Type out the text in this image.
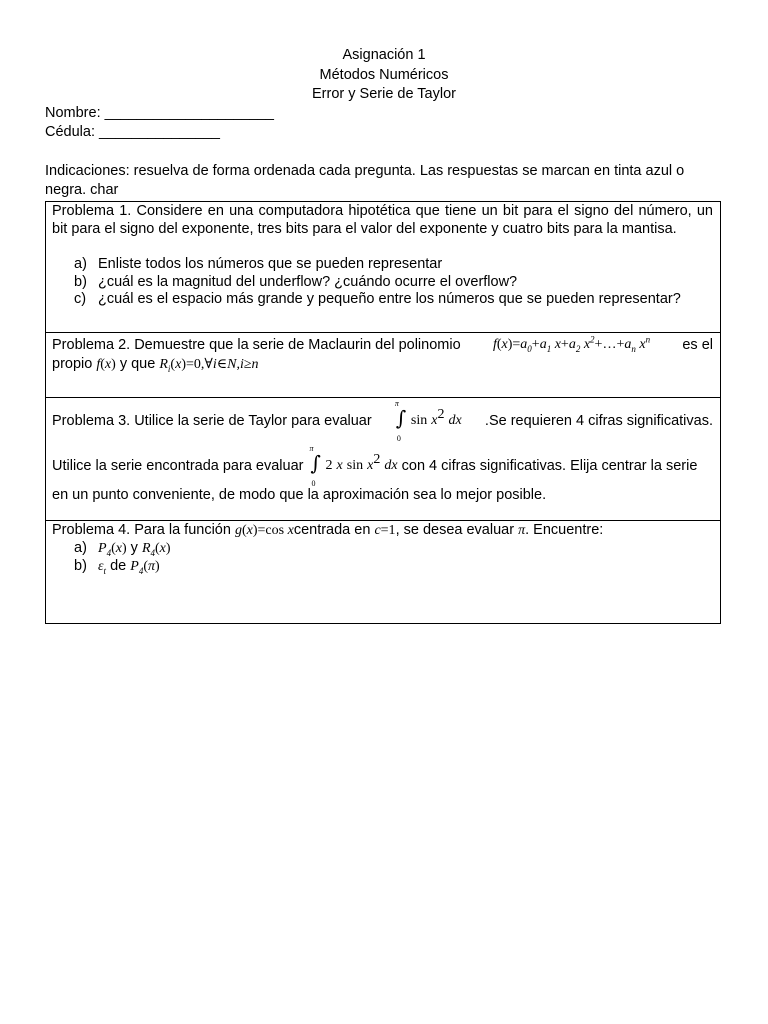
Asignación 1
Métodos Numéricos
Error y Serie de Taylor
Nombre: _____________________
Cédula: _______________
Indicaciones: resuelva de forma ordenada cada pregunta. Las respuestas se marcan en tinta azul o negra. char
Problema 1. Considere en una computadora hipotética que tiene un bit para el signo del número, un bit para el signo del exponente, tres bits para el valor del exponente y cuatro bits para la mantisa.
a) Enliste todos los números que se pueden representar
b) ¿cuál es la magnitud del underflow? ¿cuándo ocurre el overflow?
c) ¿cuál es el espacio más grande y pequeño entre los números que se pueden representar?
Problema 2. Demuestre que la serie de Maclaurin del polinomio $f(x)=a_0+a_1$ $x+a_2$ $x^2+\dots+a_n$ $x^n$ es el
propio f(x) y que $R_i(x)=0,\forall i\in N,i\ge n$
Problema 3. Utilice la serie de Taylor para evaluar
π
∫
0
$\sin x^2$ dx .Se requieren 4 cifras significativas.
Utilice la serie encontrada para evaluar
π
∫
0
2 x $\sin x^2$ dx con 4 cifras significativas. Elija centrar la serie
en un punto conveniente, de modo que la aproximación sea lo mejor posible.
Problema 4. Para la función g(x)=cos xcentrada en c=1, se desea evaluar π. Encuentre:
a) $P_4(x)$ y $R_4(x)$
b) $\varepsilon_t$ de $P_4(\pi)$
